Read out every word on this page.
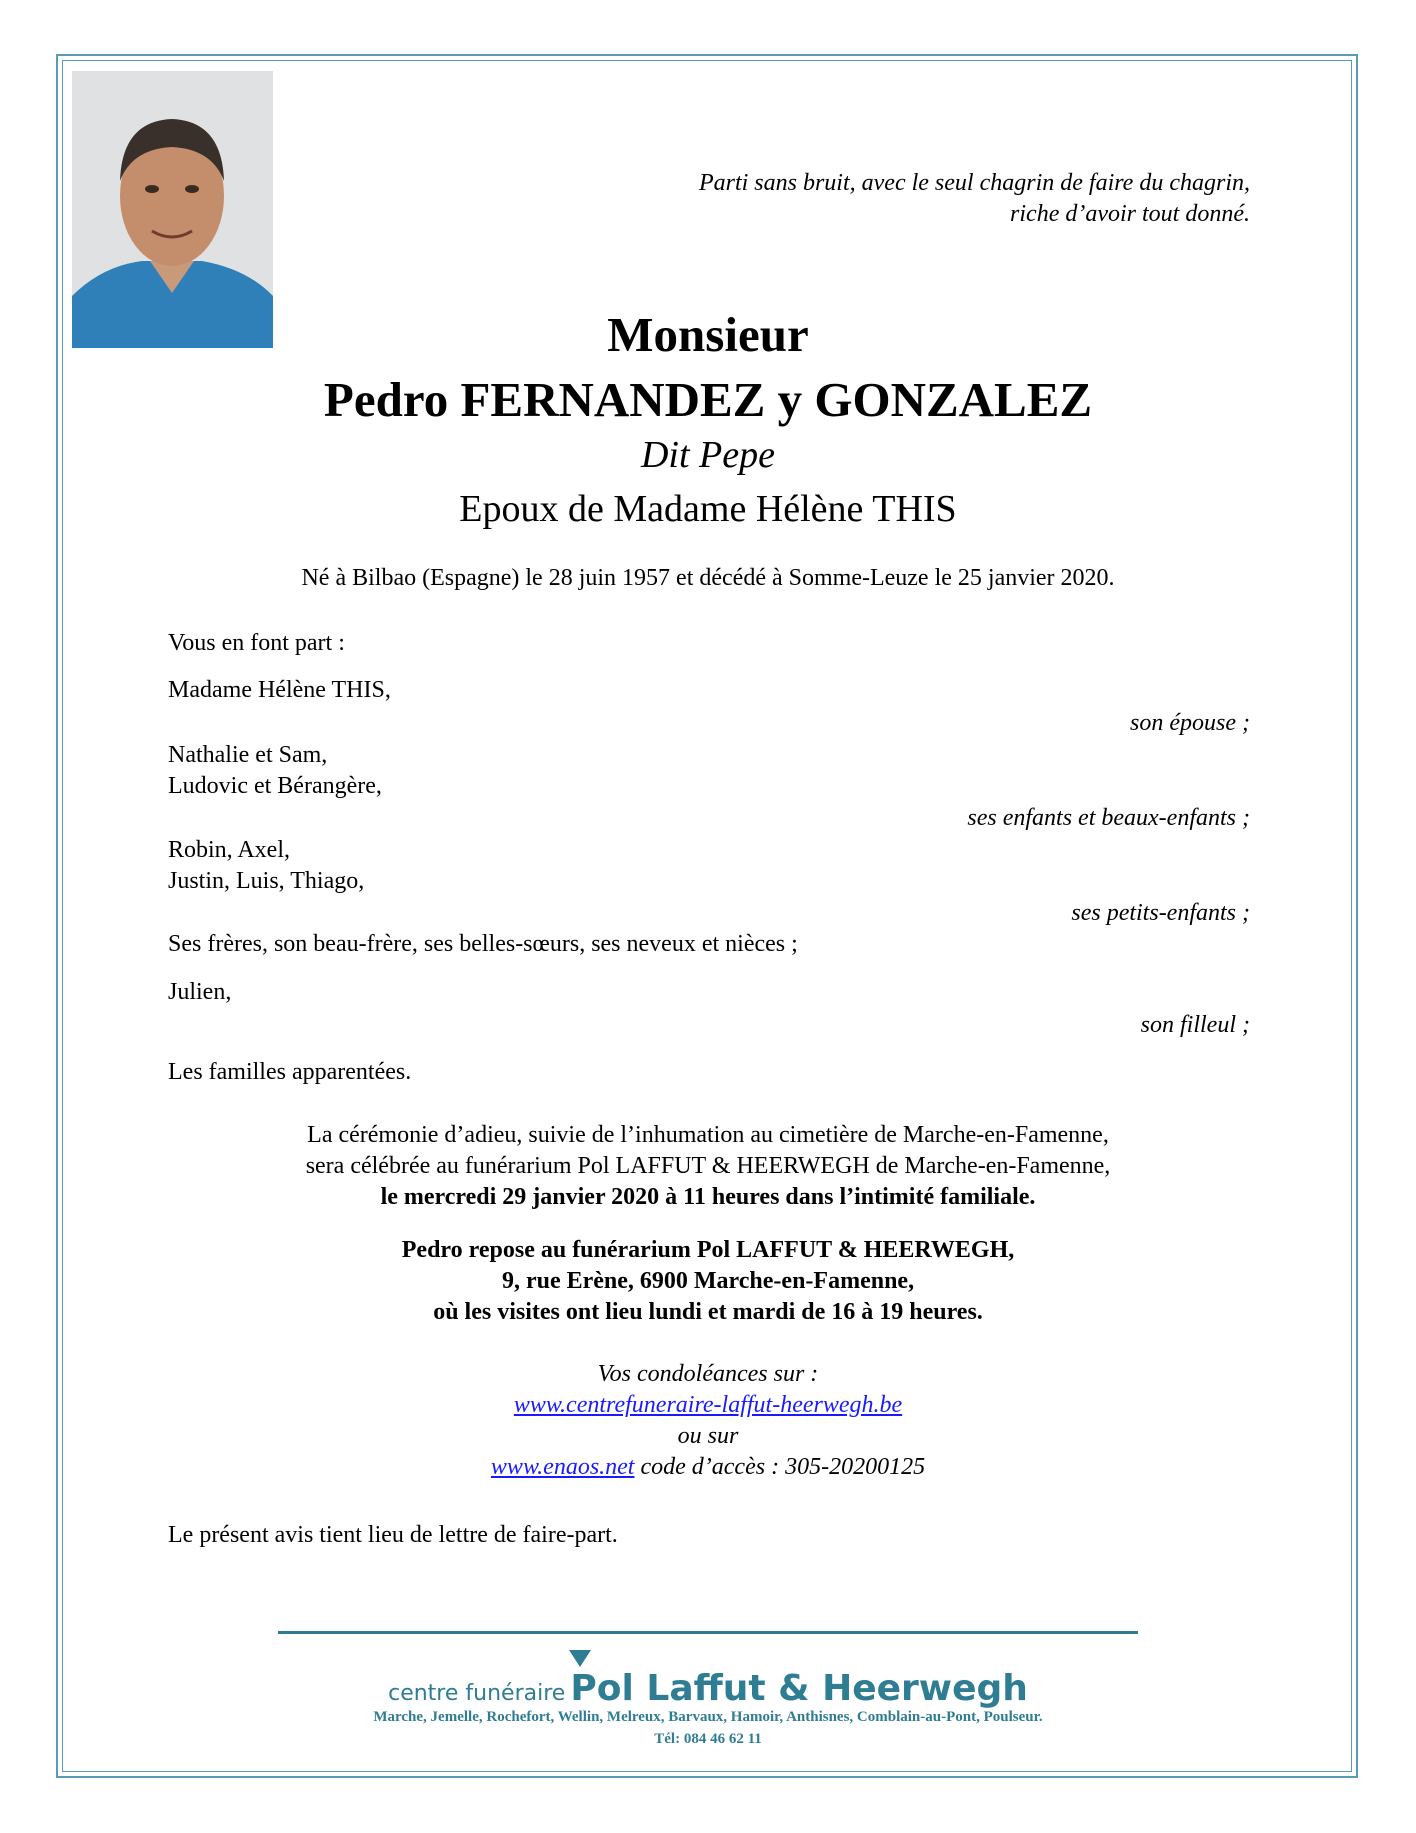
Parti sans bruit, avec le seul chagrin de faire du chagrin,
riche d’avoir tout donné.
Monsieur
Pedro FERNANDEZ y GONZALEZ
Dit Pepe
Epoux de Madame Hélène THIS
Né à Bilbao (Espagne) le 28 juin 1957 et décédé à Somme-Leuze le 25 janvier 2020.
Vous en font part :
Madame Hélène THIS,
son épouse ;
Nathalie et Sam,
Ludovic et Bérangère,
ses enfants et beaux-enfants ;
Robin, Axel,
Justin, Luis, Thiago,
ses petits-enfants ;
Ses frères, son beau-frère, ses belles-sœurs, ses neveux et nièces ;
Julien,
son filleul ;
Les familles apparentées.
La cérémonie d’adieu, suivie de l’inhumation au cimetière de Marche-en-Famenne,
sera célébrée au funérarium Pol LAFFUT & HEERWEGH de Marche-en-Famenne,
le mercredi 29 janvier 2020 à 11 heures dans l’intimité familiale.
Pedro repose au funérarium Pol LAFFUT & HEERWEGH,
9, rue Erène, 6900 Marche-en-Famenne,
où les visites ont lieu lundi et mardi de 16 à 19 heures.
Vos condoléances sur :
www.centrefuneraire-laffut-heerwegh.be
ou sur
www.enaos.net code d’accès : 305-20200125
Le présent avis tient lieu de lettre de faire-part.
centre funéraire Pol Laffut & Heerwegh
Marche, Jemelle, Rochefort, Wellin, Melreux, Barvaux, Hamoir, Anthisnes, Comblain-au-Pont, Poulseur.
Tél: 084 46 62 11
